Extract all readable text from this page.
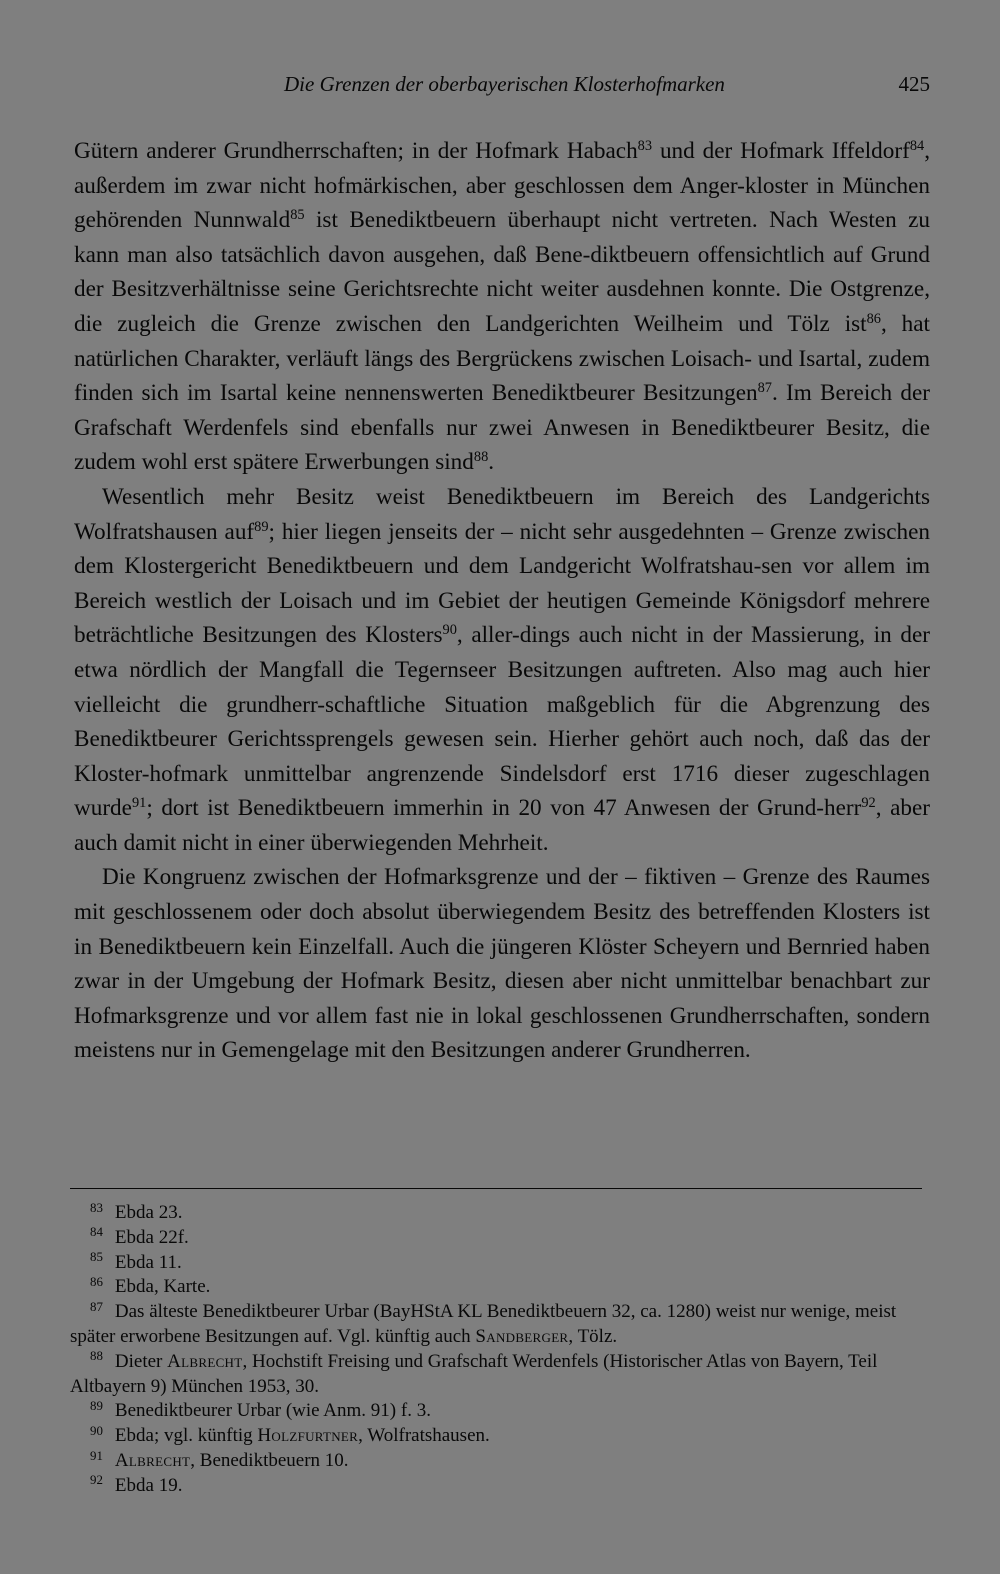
Die Grenzen der oberbayerischen Klosterhofmarken	425

Gütern anderer Grundherrschaften; in der Hofmark Habach$^{83}$ und der Hofmark Iffeldorf$^{84}$, außerdem im zwar nicht hofmärkischen, aber geschlossen dem Anger-kloster in München gehörenden Nunnwald$^{85}$ ist Benediktbeuern überhaupt nicht vertreten. Nach Westen zu kann man also tatsächlich davon ausgehen, daß Bene-diktbeuern offensichtlich auf Grund der Besitzverhältnisse seine Gerichtsrechte nicht weiter ausdehnen konnte. Die Ostgrenze, die zugleich die Grenze zwischen den Landgerichten Weilheim und Tölz ist$^{86}$, hat natürlichen Charakter, verläuft längs des Bergrückens zwischen Loisach- und Isartal, zudem finden sich im Isartal keine nennenswerten Benediktbeurer Besitzungen$^{87}$. Im Bereich der Grafschaft Werdenfels sind ebenfalls nur zwei Anwesen in Benediktbeurer Besitz, die zudem wohl erst spätere Erwerbungen sind$^{88}$.

Wesentlich mehr Besitz weist Benediktbeuern im Bereich des Landgerichts Wolfratshausen auf$^{89}$; hier liegen jenseits der – nicht sehr ausgedehnten – Grenze zwischen dem Klostergericht Benediktbeuern und dem Landgericht Wolfratshau-sen vor allem im Bereich westlich der Loisach und im Gebiet der heutigen Gemeinde Königsdorf mehrere beträchtliche Besitzungen des Klosters$^{90}$, aller-dings auch nicht in der Massierung, in der etwa nördlich der Mangfall die Tegernseer Besitzungen auftreten. Also mag auch hier vielleicht die grundherr-schaftliche Situation maßgeblich für die Abgrenzung des Benediktbeurer Gerichtssprengels gewesen sein. Hierher gehört auch noch, daß das der Kloster-hofmark unmittelbar angrenzende Sindelsdorf erst 1716 dieser zugeschlagen wurde$^{91}$; dort ist Benediktbeuern immerhin in 20 von 47 Anwesen der Grund-herr$^{92}$, aber auch damit nicht in einer überwiegenden Mehrheit.

Die Kongruenz zwischen der Hofmarksgrenze und der – fiktiven – Grenze des Raumes mit geschlossenem oder doch absolut überwiegendem Besitz des betreffenden Klosters ist in Benediktbeuern kein Einzelfall. Auch die jüngeren Klöster Scheyern und Bernried haben zwar in der Umgebung der Hofmark Besitz, diesen aber nicht unmittelbar benachbart zur Hofmarksgrenze und vor allem fast nie in lokal geschlossenen Grundherrschaften, sondern meistens nur in Gemengelage mit den Besitzungen anderer Grundherren.

$^{83}$ Ebda 23.
$^{84}$ Ebda 22f.
$^{85}$ Ebda 11.
$^{86}$ Ebda, Karte.
$^{87}$ Das älteste Benediktbeurer Urbar (BayHStA KL Benediktbeuern 32, ca. 1280) weist nur wenige, meist später erworbene Besitzungen auf. Vgl. künftig auch Sandberger, Tölz.
$^{88}$ Dieter Albrecht, Hochstift Freising und Grafschaft Werdenfels (Historischer Atlas von Bayern, Teil Altbayern 9) München 1953, 30.
$^{89}$ Benediktbeurer Urbar (wie Anm. 91) f. 3.
$^{90}$ Ebda; vgl. künftig Holzfurtner, Wolfratshausen.
$^{91}$ Albrecht, Benediktbeuern 10.
$^{92}$ Ebda 19.
